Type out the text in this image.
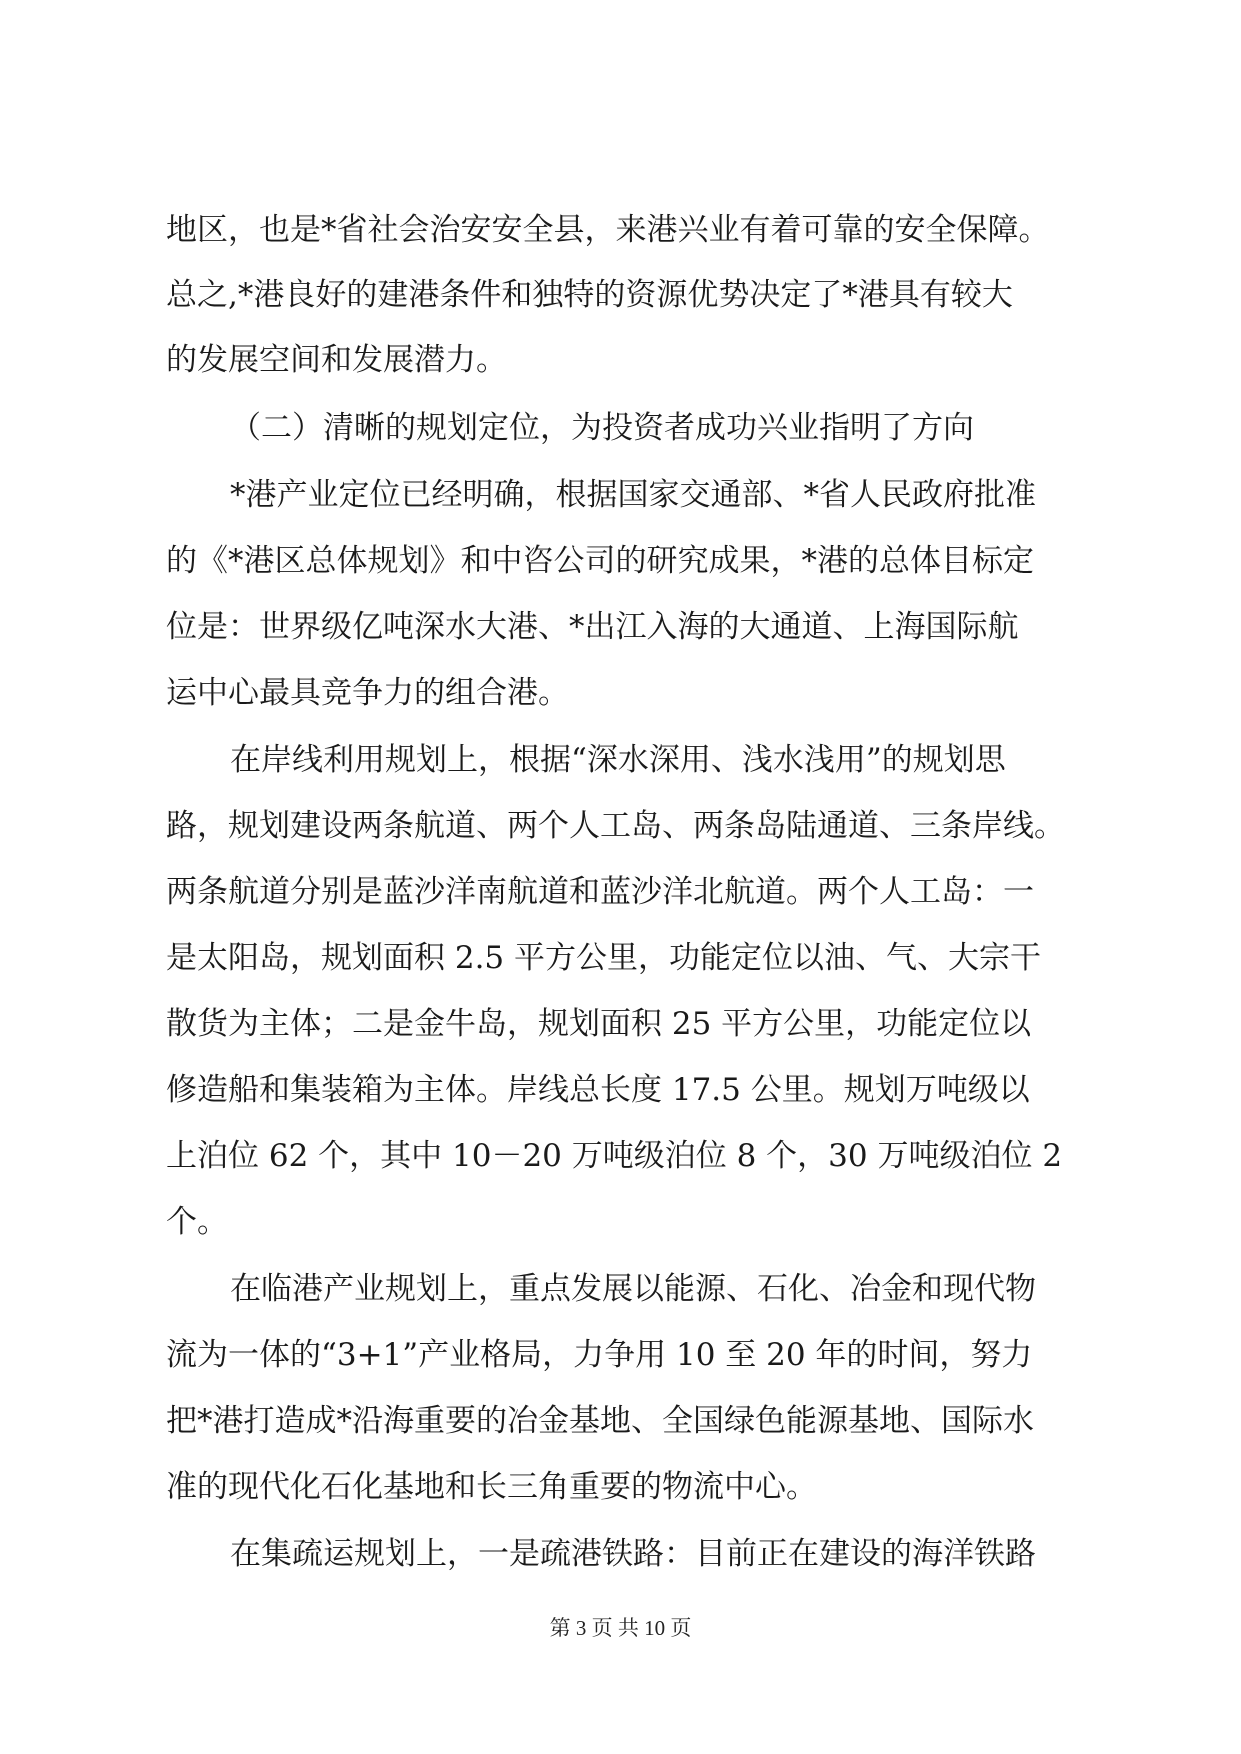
地区，也是*省社会治安安全县，来港兴业有着可靠的安全保障。
总之,*港良好的建港条件和独特的资源优势决定了*港具有较大
的发展空间和发展潜力。
（二）清晰的规划定位，为投资者成功兴业指明了方向
*港产业定位已经明确，根据国家交通部、*省人民政府批准
的《*港区总体规划》和中咨公司的研究成果，*港的总体目标定
位是：世界级亿吨深水大港、*出江入海的大通道、上海国际航
运中心最具竞争力的组合港。
在岸线利用规划上，根据“深水深用、浅水浅用”的规划思
路，规划建设两条航道、两个人工岛、两条岛陆通道、三条岸线。
两条航道分别是蓝沙洋南航道和蓝沙洋北航道。两个人工岛：一
是太阳岛，规划面积 2.5 平方公里，功能定位以油、气、大宗干
散货为主体；二是金牛岛，规划面积 25 平方公里，功能定位以
修造船和集装箱为主体。岸线总长度 17.5 公里。规划万吨级以
上泊位 62 个，其中 10－20 万吨级泊位 8 个，30 万吨级泊位 2
个。
在临港产业规划上，重点发展以能源、石化、冶金和现代物
流为一体的“3+1”产业格局，力争用 10 至 20 年的时间，努力
把*港打造成*沿海重要的冶金基地、全国绿色能源基地、国际水
准的现代化石化基地和长三角重要的物流中心。
在集疏运规划上，一是疏港铁路：目前正在建设的海洋铁路
第 3 页 共 10 页
